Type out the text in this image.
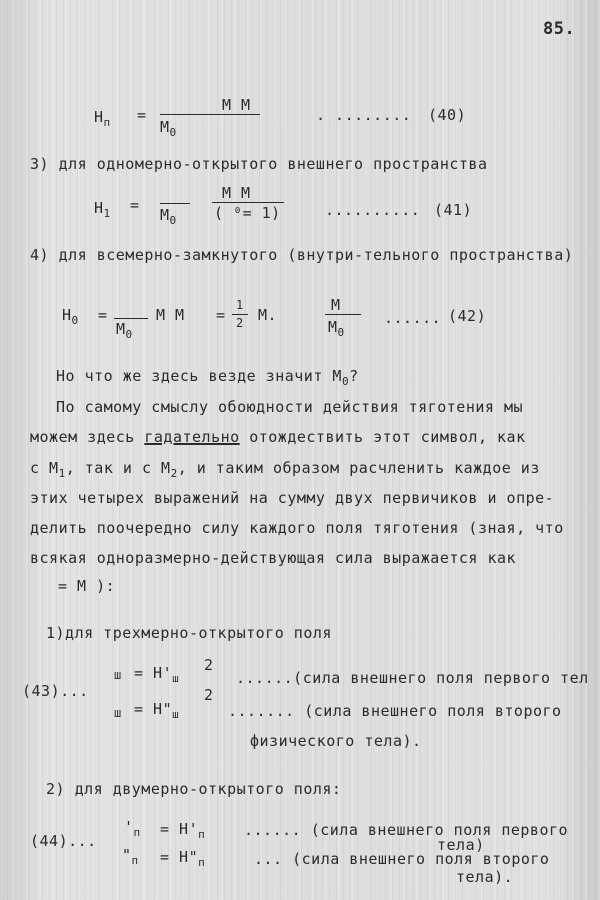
85.
$H_п$ =
М М
$М_0$
. ........ (40)
3) для одномерно-открытого внешнего пространства
$H_1$ =
М М
$М_0$ ( ⁰= 1)	.......... (41)
4) для всемерно-замкнутого (внутри-тельного пространства)
$H_0$ =
$М_0$
М М =
1
2 М.
М
$М_0$
...... (42)
Но что же здесь везде значит $М_0$?
По самому смыслу обоюдности действия тяготения мы
можем здесь гадательно отождествить этот символ, как
с $М_1$, так и с $М_2$, и таким образом расчленить каждое из
этих четырех выражений на сумму двух первичиков и опре-
делить поочередно силу каждого поля тяготения (зная, что
всякая одноразмерно-действующая сила выражается как
= М ):
1)для трехмерно-открытого поля
(43)...
$ш = H'_ш$
2
......(сила внешнего поля первого тел
$ш = H"_ш$
2
....... (сила внешнего поля второго
физического тела).
2) для двумерно-открытого поля:
(44)...
'$_п = Н'_п$	...... (сила внешнего поля первого
тела)
"$_п$ = $Н"_п$	... (сила внешнего поля второго
тела).
